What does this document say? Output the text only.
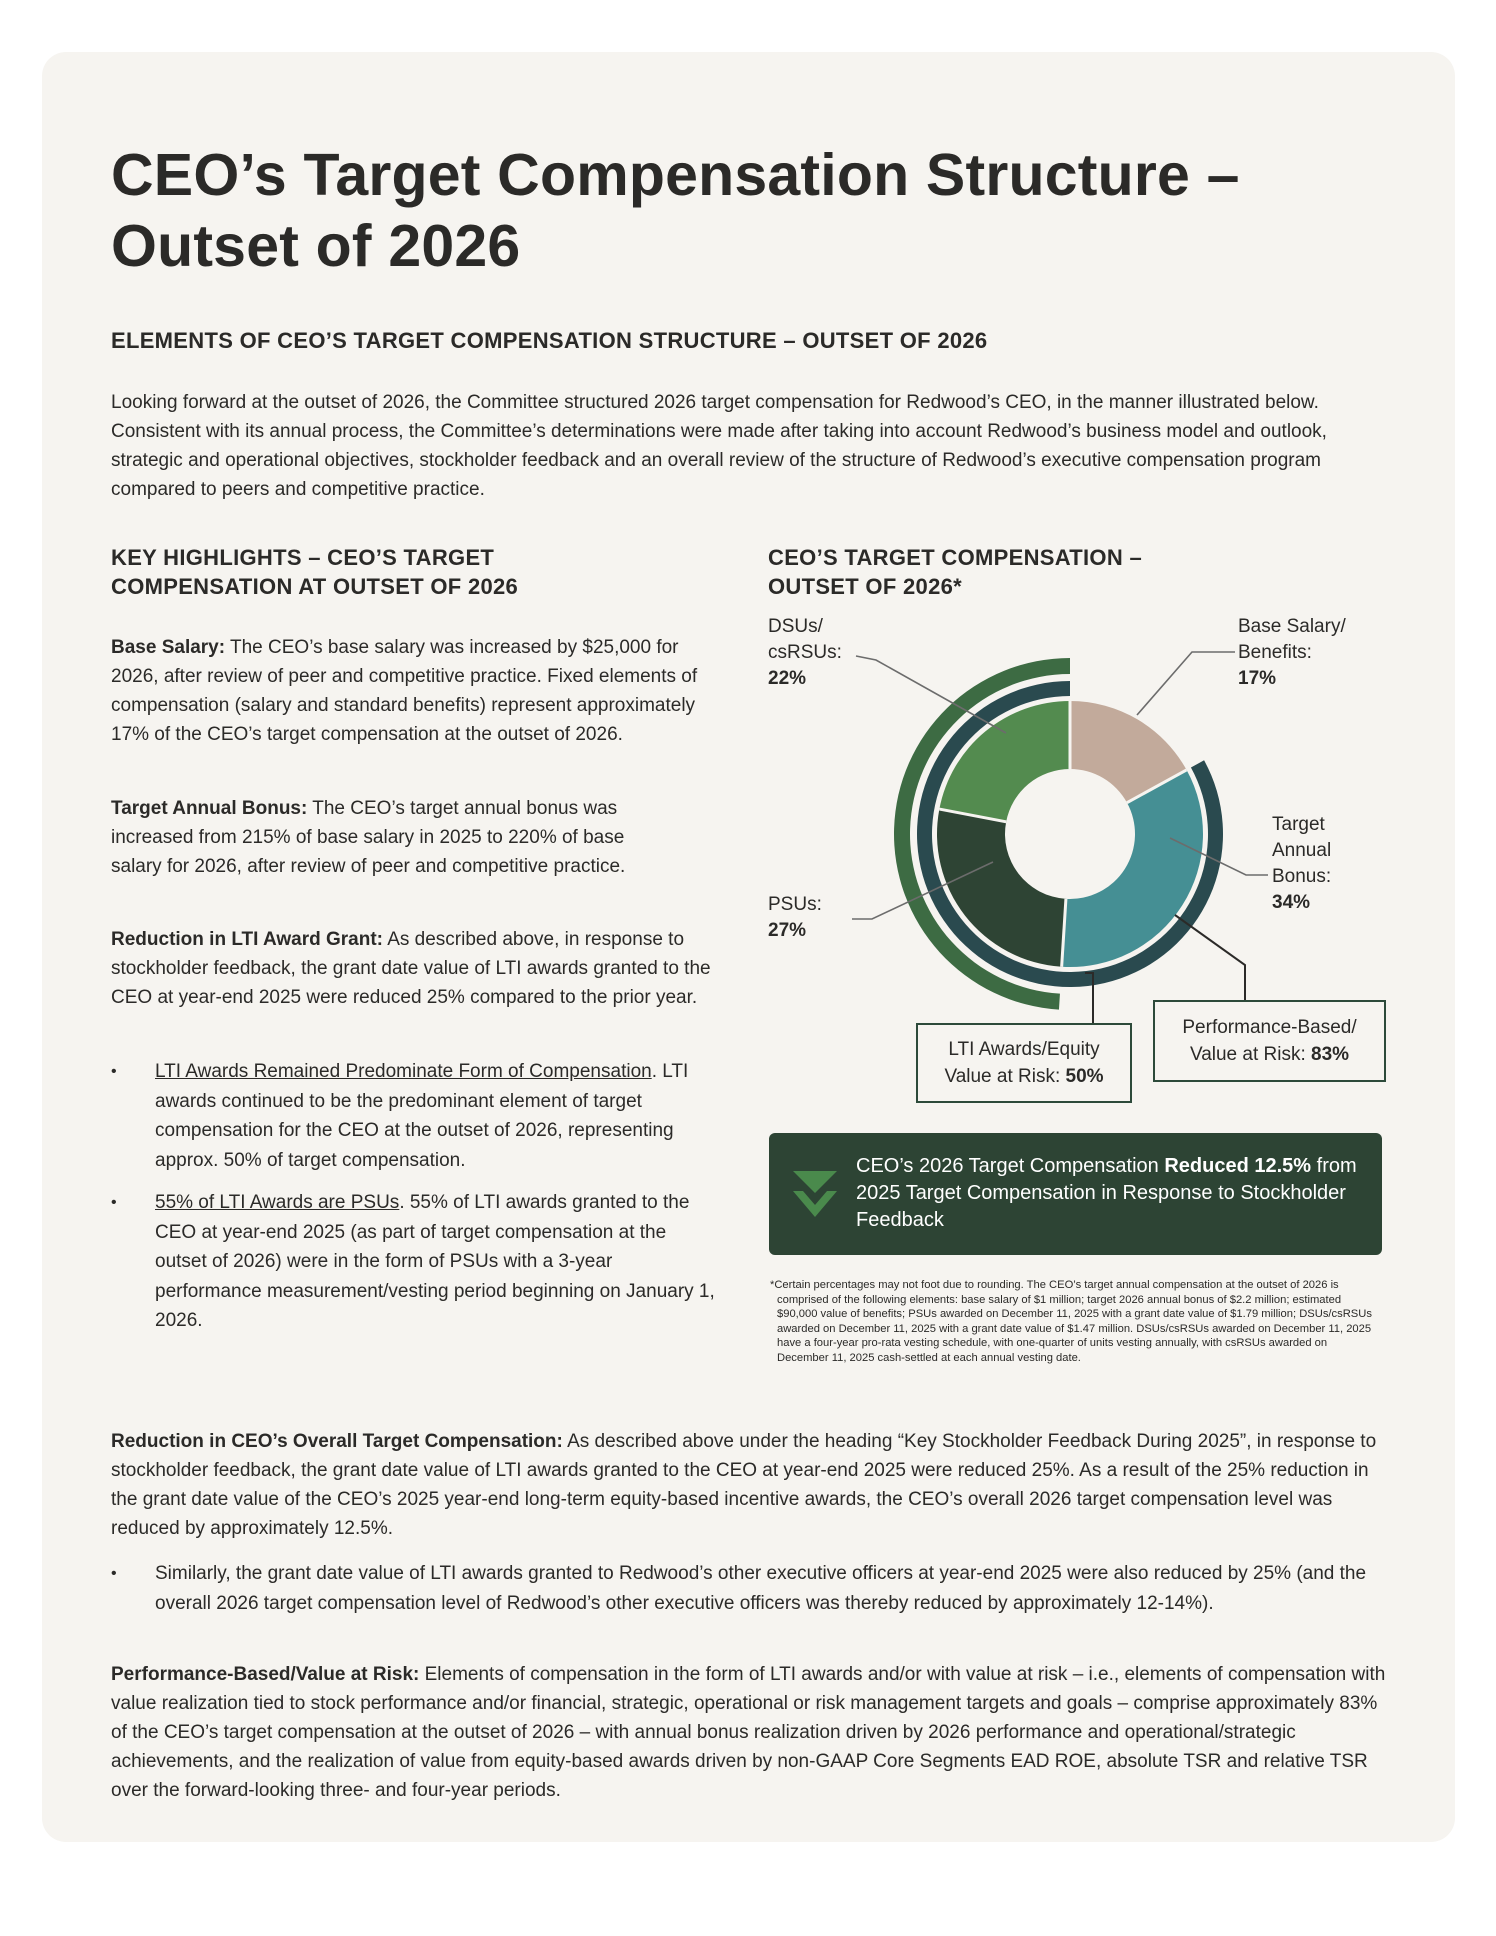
CEO’s Target Compensation Structure – Outset of 2026
ELEMENTS OF CEO’S TARGET COMPENSATION STRUCTURE – OUTSET OF 2026

Looking forward at the outset of 2026, the Committee structured 2026 target compensation for Redwood’s CEO, in the manner illustrated below. Consistent with its annual process, the Committee’s determinations were made after taking into account Redwood’s business model and outlook, strategic and operational objectives, stockholder feedback and an overall review of the structure of Redwood’s executive compensation program compared to peers and competitive practice.

KEY HIGHLIGHTS – CEO’S TARGET
COMPENSATION AT OUTSET OF 2026

Base Salary: The CEO’s base salary was increased by $25,000 for 2026, after review of peer and competitive practice. Fixed elements of compensation (salary and standard benefits) represent approximately 17% of the CEO’s target compensation at the outset of 2026.

Target Annual Bonus: The CEO’s target annual bonus was increased from 215% of base salary in 2025 to 220% of base salary for 2026, after review of peer and competitive practice.

Reduction in LTI Award Grant: As described above, in response to stockholder feedback, the grant date value of LTI awards granted to the CEO at year-end 2025 were reduced 25% compared to the prior year.

• LTI Awards Remained Predominate Form of Compensation. LTI awards continued to be the predominant element of target compensation for the CEO at the outset of 2026, representing approx. 50% of target compensation.

• 55% of LTI Awards are PSUs. 55% of LTI awards granted to the CEO at year-end 2025 (as part of target compensation at the outset of 2026) were in the form of PSUs with a 3-year performance measurement/vesting period beginning on January 1, 2026.

CEO’S TARGET COMPENSATION –
OUTSET OF 2026*
DSUs/
csRSUs:
22%
Base Salary/
Benefits:
17%
Target
Annual
Bonus:
34%
PSUs:
27%
LTI Awards/Equity
Value at Risk: 50%
Performance-Based/
Value at Risk: 83%

CEO’s 2026 Target Compensation Reduced 12.5% from 2025 Target Compensation in Response to Stockholder Feedback

*Certain percentages may not foot due to rounding. The CEO’s target annual compensation at the outset of 2026 is comprised of the following elements: base salary of $1 million; target 2026 annual bonus of $2.2 million; estimated $90,000 value of benefits; PSUs awarded on December 11, 2025 with a grant date value of $1.79 million; DSUs/csRSUs awarded on December 11, 2025 with a grant date value of $1.47 million. DSUs/csRSUs awarded on December 11, 2025 have a four-year pro-rata vesting schedule, with one-quarter of units vesting annually, with csRSUs awarded on December 11, 2025 cash-settled at each annual vesting date.

Reduction in CEO’s Overall Target Compensation: As described above under the heading “Key Stockholder Feedback During 2025”, in response to stockholder feedback, the grant date value of LTI awards granted to the CEO at year-end 2025 were reduced 25%. As a result of the 25% reduction in the grant date value of the CEO’s 2025 year-end long-term equity-based incentive awards, the CEO’s overall 2026 target compensation level was reduced by approximately 12.5%.

• Similarly, the grant date value of LTI awards granted to Redwood’s other executive officers at year-end 2025 were also reduced by 25% (and the overall 2026 target compensation level of Redwood’s other executive officers was thereby reduced by approximately 12-14%).

Performance-Based/Value at Risk: Elements of compensation in the form of LTI awards and/or with value at risk – i.e., elements of compensation with value realization tied to stock performance and/or financial, strategic, operational or risk management targets and goals – comprise approximately 83% of the CEO’s target compensation at the outset of 2026 – with annual bonus realization driven by 2026 performance and operational/strategic achievements, and the realization of value from equity-based awards driven by non-GAAP Core Segments EAD ROE, absolute TSR and relative TSR over the forward-looking three- and four-year periods.
